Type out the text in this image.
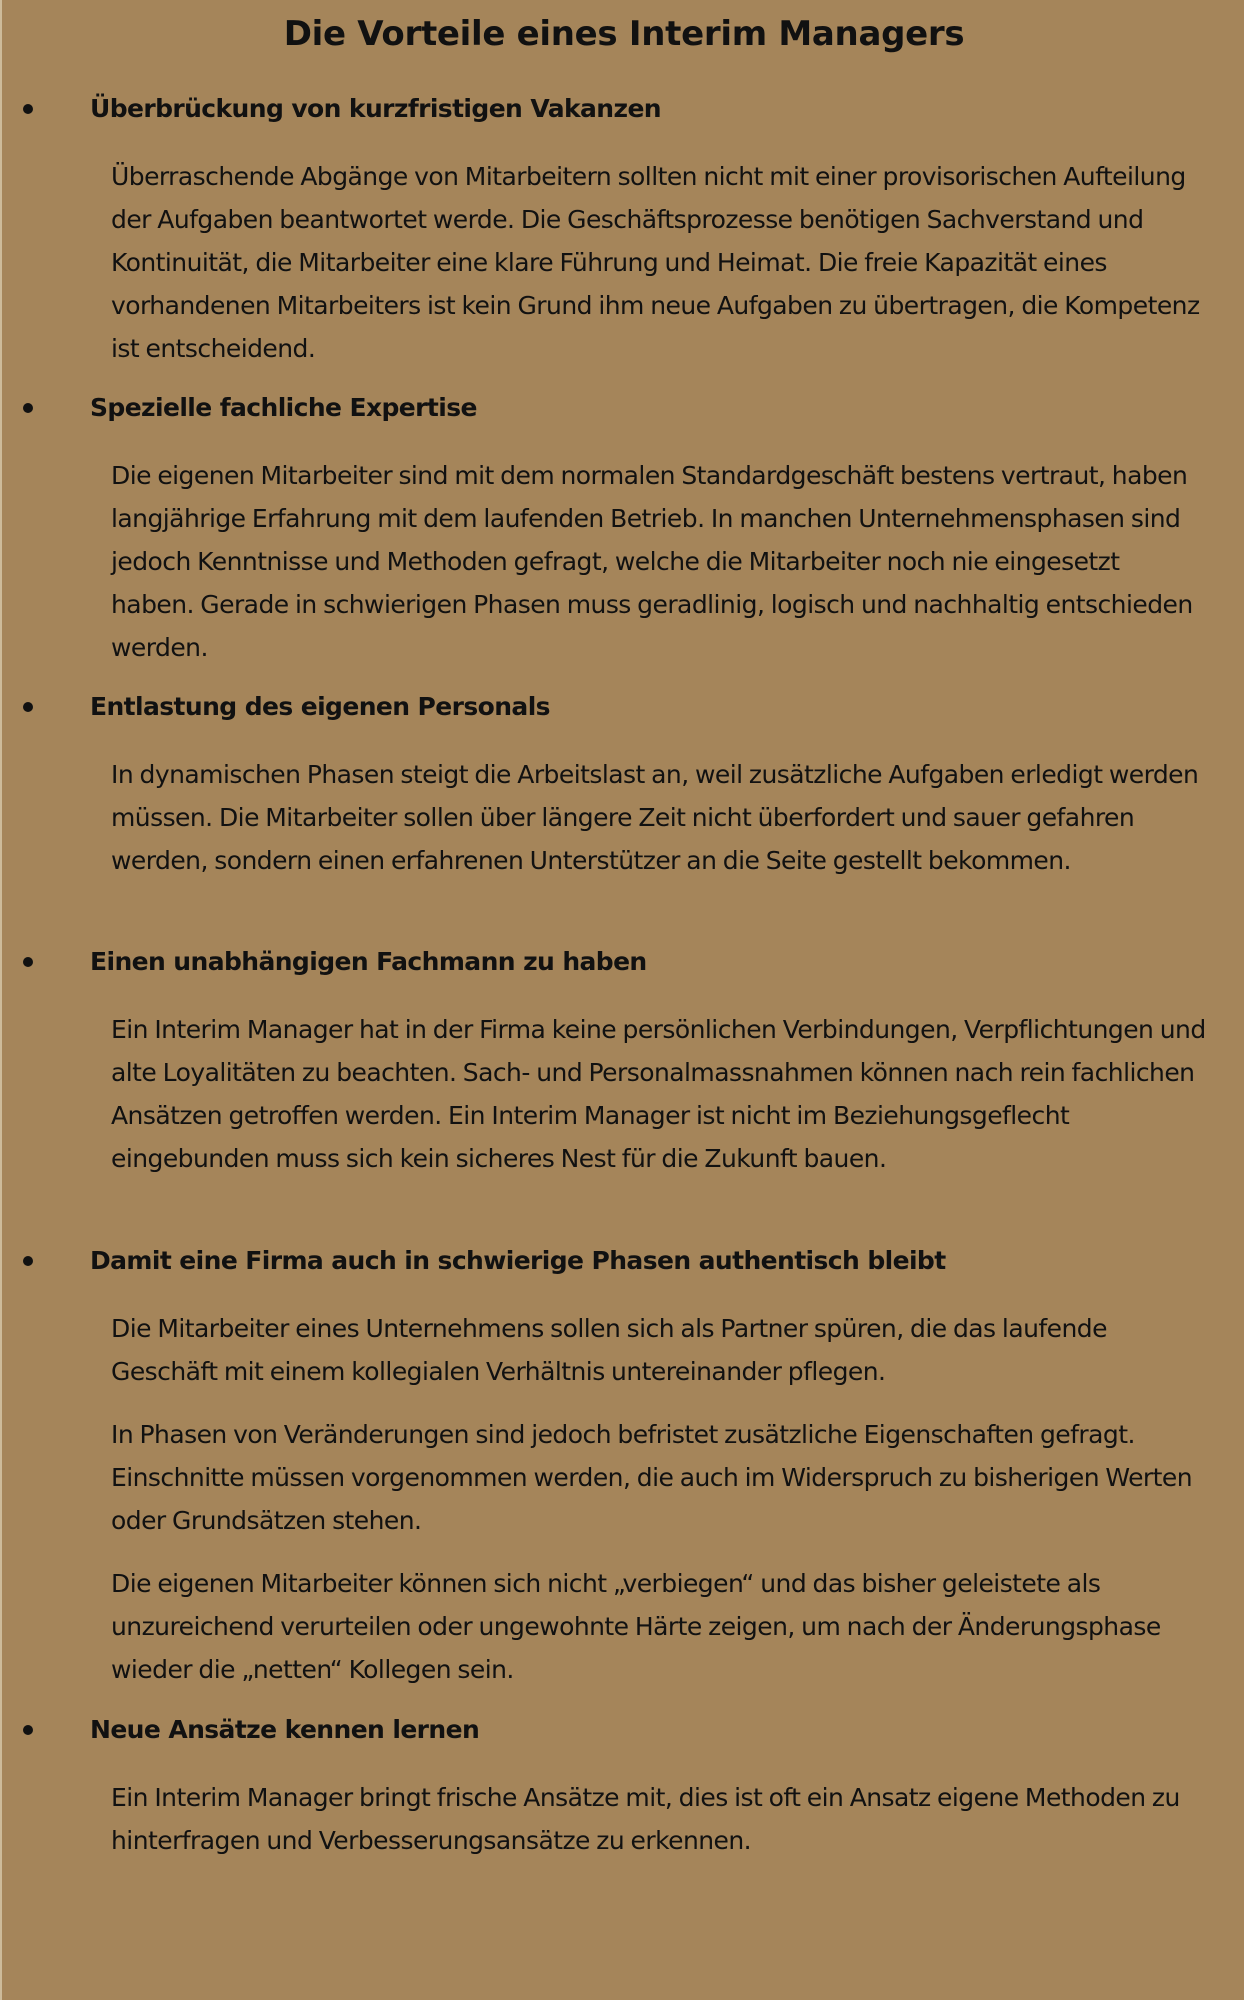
Die Vorteile eines Interim Managers
Überbrückung von kurzfristigen Vakanzen

Überraschende Abgänge von Mitarbeitern sollten nicht mit einer provisorischen Aufteilung der Aufgaben beantwortet werde. Die Geschäftsprozesse benötigen Sachverstand und Kontinuität, die Mitarbeiter eine klare Führung und Heimat. Die freie Kapazität eines vorhandenen Mitarbeiters ist kein Grund ihm neue Aufgaben zu übertragen, die Kompetenz ist entscheidend.

Spezielle fachliche Expertise

Die eigenen Mitarbeiter sind mit dem normalen Standardgeschäft bestens vertraut, haben langjährige Erfahrung mit dem laufenden Betrieb. In manchen Unternehmensphasen sind jedoch Kenntnisse und Methoden gefragt, welche die Mitarbeiter noch nie eingesetzt haben. Gerade in schwierigen Phasen muss geradlinig, logisch und nachhaltig entschieden werden.

Entlastung des eigenen Personals

In dynamischen Phasen steigt die Arbeitslast an, weil zusätzliche Aufgaben erledigt werden müssen. Die Mitarbeiter sollen über längere Zeit nicht überfordert und sauer gefahren werden, sondern einen erfahrenen Unterstützer an die Seite gestellt bekommen.

Einen unabhängigen Fachmann zu haben

Ein Interim Manager hat in der Firma keine persönlichen Verbindungen, Verpflichtungen und alte Loyalitäten zu beachten. Sach- und Personalmassnahmen können nach rein fachlichen Ansätzen getroffen werden. Ein Interim Manager ist nicht im Beziehungsgeflecht eingebunden muss sich kein sicheres Nest für die Zukunft bauen.

Damit eine Firma auch in schwierige Phasen authentisch bleibt

Die Mitarbeiter eines Unternehmens sollen sich als Partner spüren, die das laufende Geschäft mit einem kollegialen Verhältnis untereinander pflegen.

In Phasen von Veränderungen sind jedoch befristet zusätzliche Eigenschaften gefragt. Einschnitte müssen vorgenommen werden, die auch im Widerspruch zu bisherigen Werten oder Grundsätzen stehen.

Die eigenen Mitarbeiter können sich nicht „verbiegen“ und das bisher geleistete als unzureichend verurteilen oder ungewohnte Härte zeigen, um nach der Änderungsphase wieder die „netten“ Kollegen sein.

Neue Ansätze kennen lernen

Ein Interim Manager bringt frische Ansätze mit, dies ist oft ein Ansatz eigene Methoden zu hinterfragen und Verbesserungsansätze zu erkennen.
